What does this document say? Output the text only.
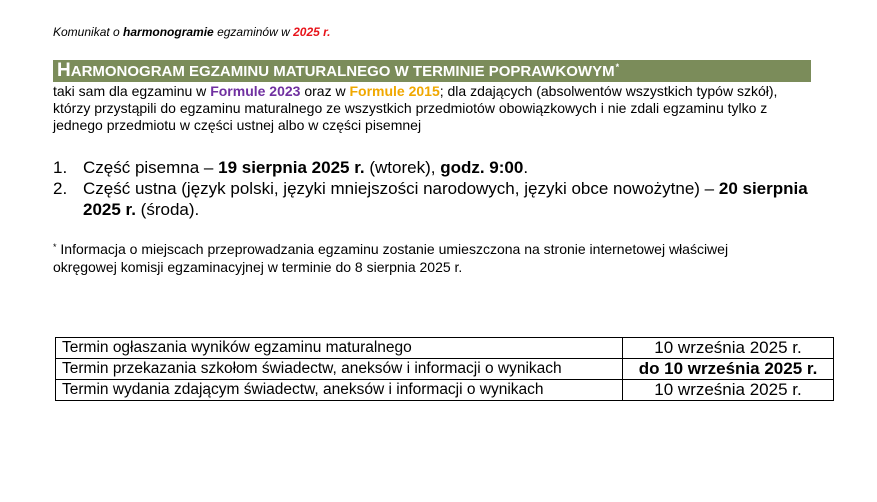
Komunikat o harmonogramie egzaminów w 2025 r.
HARMONOGRAM EGZAMINU MATURALNEGO W TERMINIE POPRAWKOWYM*
taki sam dla egzaminu w Formule 2023 oraz w Formule 2015; dla zdających (absolwentów wszystkich typów szkół), którzy przystąpili do egzaminu maturalnego ze wszystkich przedmiotów obowiązkowych i nie zdali egzaminu tylko z jednego przedmiotu w części ustnej albo w części pisemnej
1. Część pisemna – 19 sierpnia 2025 r. (wtorek), godz. 9:00.
2. Część ustna (język polski, języki mniejszości narodowych, języki obce nowożytne) – 20 sierpnia 2025 r. (środa).
* Informacja o miejscach przeprowadzania egzaminu zostanie umieszczona na stronie internetowej właściwej okręgowej komisji egzaminacyjnej w terminie do 8 sierpnia 2025 r.
Termin ogłaszania wyników egzaminu maturalnego	10 września 2025 r.
Termin przekazania szkołom świadectw, aneksów i informacji o wynikach	do 10 września 2025 r.
Termin wydania zdającym świadectw, aneksów i informacji o wynikach	10 września 2025 r.
